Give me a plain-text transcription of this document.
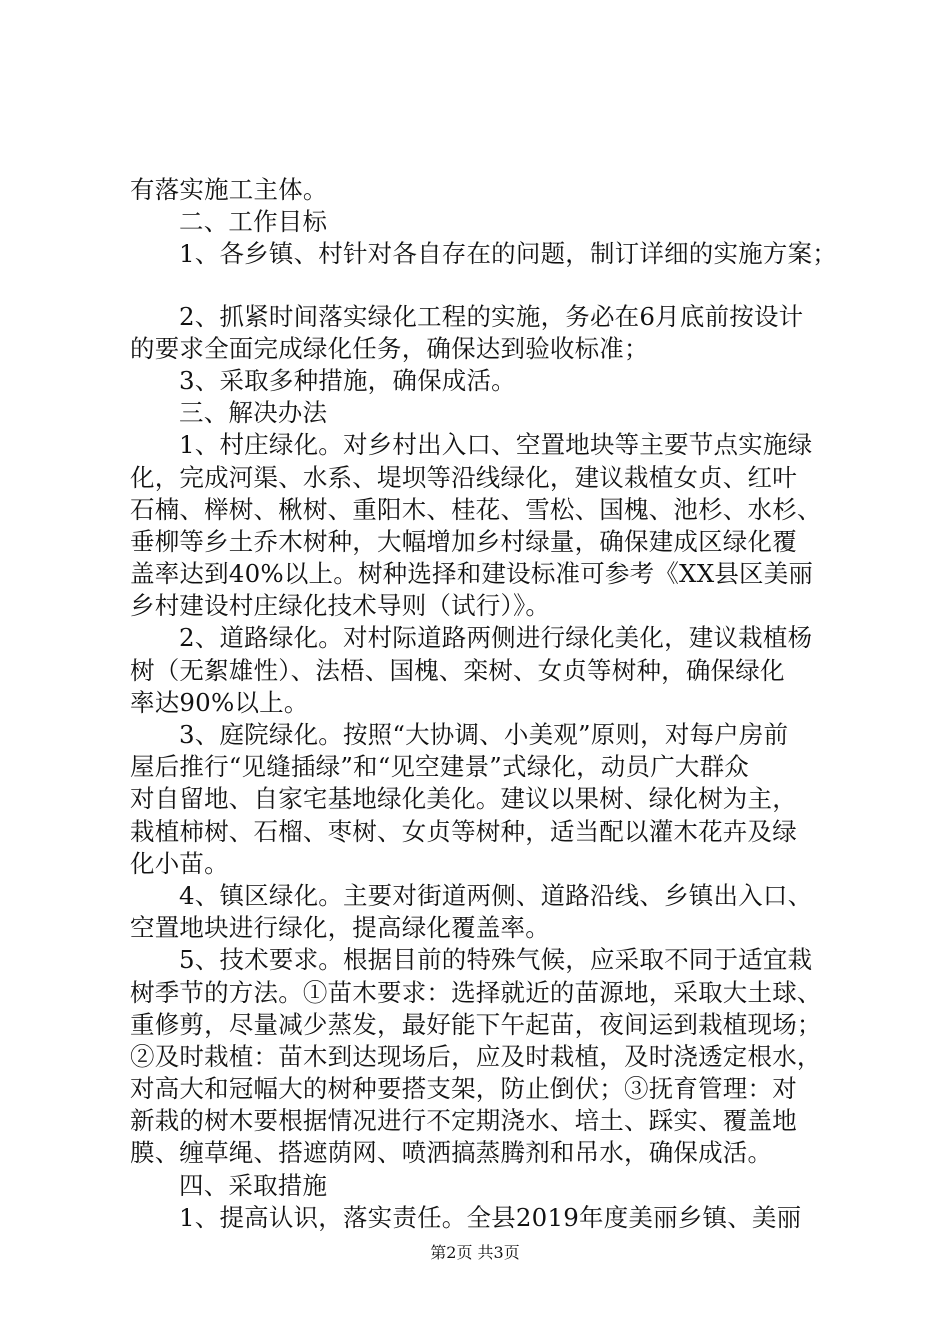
有落实施工主体。
二、工作目标
1、各乡镇、村针对各自存在的问题，制订详细的实施方案；
2、抓紧时间落实绿化工程的实施，务必在6月底前按设计
的要求全面完成绿化任务，确保达到验收标准；
3、采取多种措施，确保成活。
三、解决办法
1、村庄绿化。对乡村出入口、空置地块等主要节点实施绿
化，完成河渠、水系、堤坝等沿线绿化，建议栽植女贞、红叶
石楠、榉树、楸树、重阳木、桂花、雪松、国槐、池杉、水杉、
垂柳等乡土乔木树种，大幅增加乡村绿量，确保建成区绿化覆
盖率达到40%以上。树种选择和建设标准可参考《XX县区美丽
乡村建设村庄绿化技术导则（试行）》。
2、道路绿化。对村际道路两侧进行绿化美化，建议栽植杨
树（无絮雄性）、法梧、国槐、栾树、女贞等树种，确保绿化
率达90%以上。
3、庭院绿化。按照“大协调、小美观”原则，对每户房前
屋后推行“见缝插绿”和“见空建景”式绿化，动员广大群众
对自留地、自家宅基地绿化美化。建议以果树、绿化树为主，
栽植柿树、石榴、枣树、女贞等树种，适当配以灌木花卉及绿
化小苗。
4、镇区绿化。主要对街道两侧、道路沿线、乡镇出入口、
空置地块进行绿化，提高绿化覆盖率。
5、技术要求。根据目前的特殊气候，应采取不同于适宜栽
树季节的方法。①苗木要求：选择就近的苗源地，采取大土球、
重修剪，尽量减少蒸发，最好能下午起苗，夜间运到栽植现场；
②及时栽植：苗木到达现场后，应及时栽植，及时浇透定根水，
对高大和冠幅大的树种要搭支架，防止倒伏；③抚育管理：对
新栽的树木要根据情况进行不定期浇水、培土、踩实、覆盖地
膜、缠草绳、搭遮荫网、喷洒搞蒸腾剂和吊水，确保成活。
四、采取措施
1、提高认识，落实责任。全县2019年度美丽乡镇、美丽
第2页 共3页
